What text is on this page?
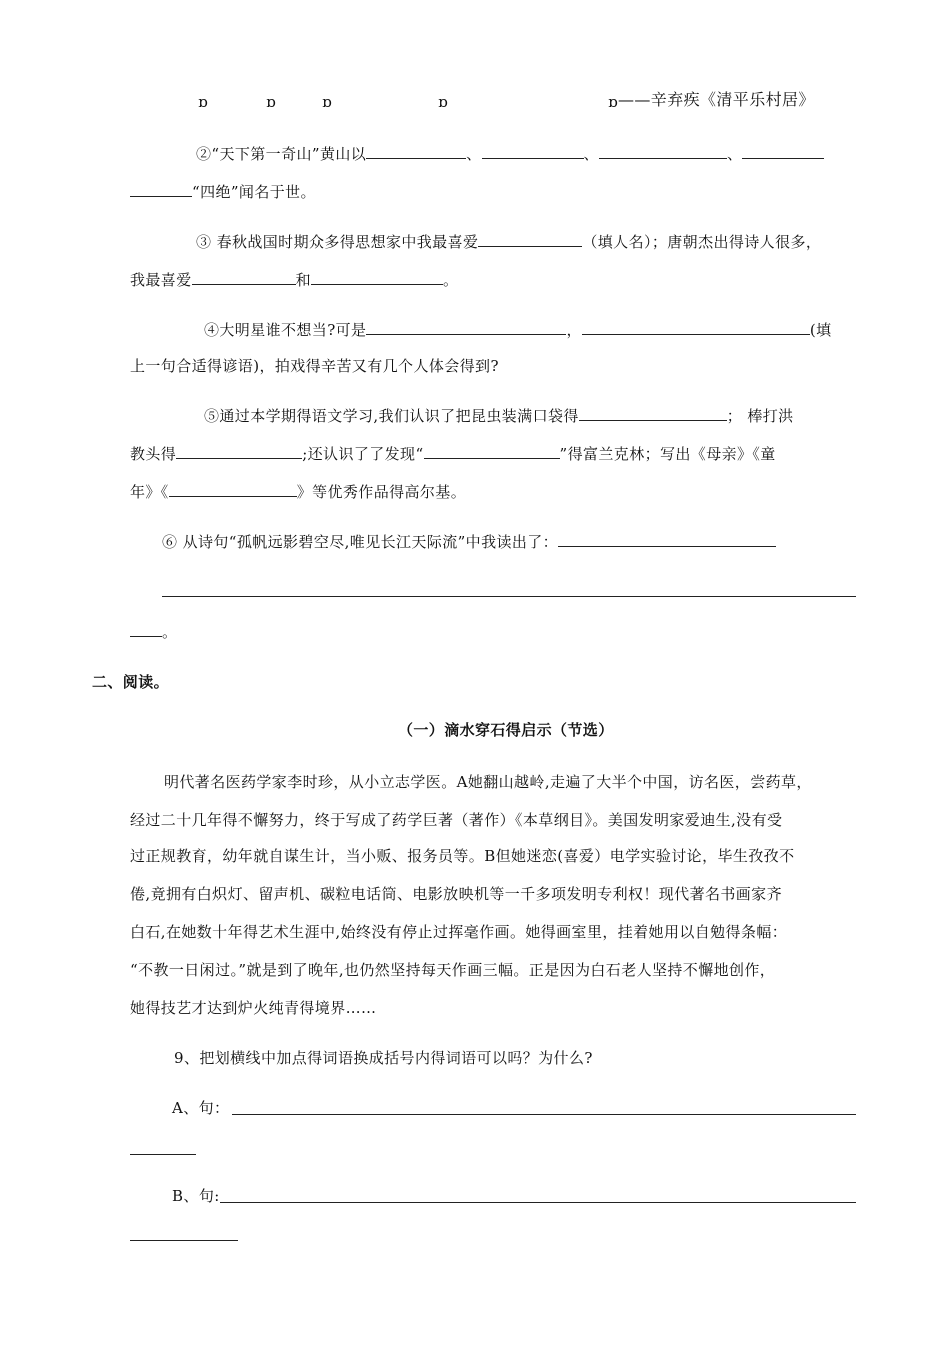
ɒ	ɒ	ɒ	ɒ	ɒ ——辛弃疾《清平乐村居》
②“天下第一奇山”黄山以	、	、	、
“四绝”闻名于世。
③ 春秋战国时期众多得思想家中我最喜爱	（填人名）；唐朝杰出得诗人很多，
我最喜爱	和	。
④大明星谁不想当?可是	，	(填
上一句合适得谚语)，拍戏得辛苦又有几个人体会得到?
⑤通过本学期得语文学习,我们认识了把昆虫装满口袋得	； 棒打洪
教头得	;还认识了了发现“	”得富兰克林；写出《母亲》《童
年》《	》等优秀作品得高尔基。
⑥ 从诗句“孤帆远影碧空尽,唯见长江天际流”中我读出了：
。
二、阅读。
（一）滴水穿石得启示（节选）
明代著名医药学家李时珍，从小立志学医。A她翻山越岭,走遍了大半个中国，访名医，尝药草，
经过二十几年得不懈努力，终于写成了药学巨著（著作）《本草纲目》。美国发明家爱迪生,没有受
过正规教育，幼年就自谋生计，当小贩、报务员等。B但她迷恋(喜爱）电学实验讨论，毕生孜孜不
倦,竟拥有白炽灯、留声机、碳粒电话筒、电影放映机等一千多项发明专利权！现代著名书画家齐
白石,在她数十年得艺术生涯中,始终没有停止过挥毫作画。她得画室里，挂着她用以自勉得条幅：
“不教一日闲过。”就是到了晚年,也仍然坚持每天作画三幅。正是因为白石老人坚持不懈地创作，
她得技艺才达到炉火纯青得境界……
9、把划横线中加点得词语换成括号内得词语可以吗？为什么?
A、句：
B、句:
